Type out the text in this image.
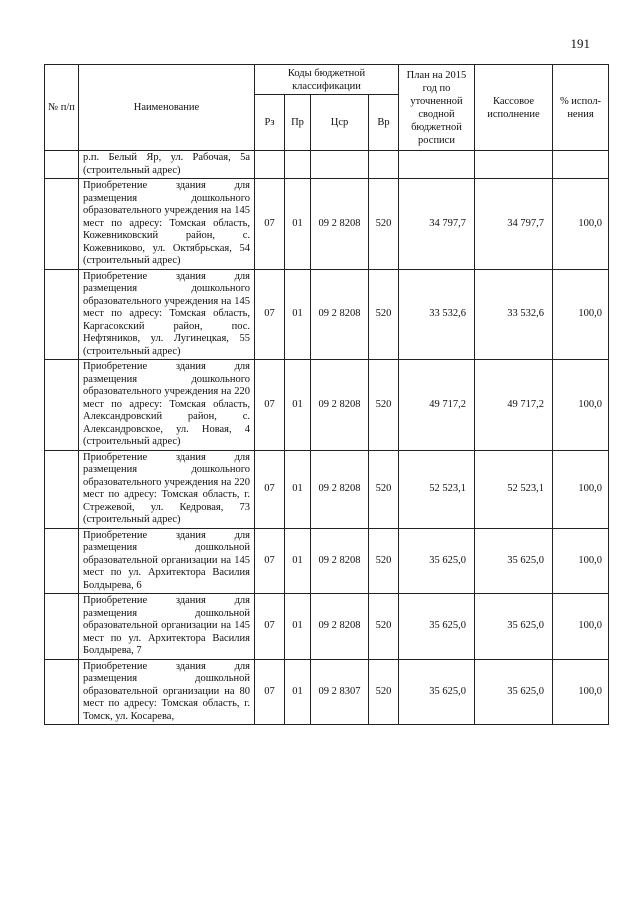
191
№ п/п	Наименование	Коды бюджетной классификации				План на 2015 год по уточненной сводной бюджетной росписи	Кассовое исполнение	% испол-нения
		Рз	Пр	Цср	Вр			
	р.п. Белый Яр, ул. Рабочая, 5а (строительный адрес)							
	Приобретение здания для размещения дошкольного образовательного учреждения на 145 мест по адресу: Томская область, Кожевниковский район, с. Кожевниково, ул. Октябрьская, 54 (строительный адрес)	07	01	09 2 8208	520	34 797,7	34 797,7	100,0
	Приобретение здания для размещения дошкольного образовательного учреждения на 145 мест по адресу: Томская область, Каргасокский район, пос. Нефтяников, ул. Лугинецкая, 55 (строительный адрес)	07	01	09 2 8208	520	33 532,6	33 532,6	100,0
	Приобретение здания для размещения дошкольного образовательного учреждения на 220 мест по адресу: Томская область, Александровский район, с. Александровское, ул. Новая, 4 (строительный адрес)	07	01	09 2 8208	520	49 717,2	49 717,2	100,0
	Приобретение здания для размещения дошкольного образовательного учреждения на 220 мест по адресу: Томская область, г. Стрежевой, ул. Кедровая, 73 (строительный адрес)	07	01	09 2 8208	520	52 523,1	52 523,1	100,0
	Приобретение здания для размещения дошкольной образовательной организации на 145 мест по ул. Архитектора Василия Болдырева, 6	07	01	09 2 8208	520	35 625,0	35 625,0	100,0
	Приобретение здания для размещения дошкольной образовательной организации на 145 мест по ул. Архитектора Василия Болдырева, 7	07	01	09 2 8208	520	35 625,0	35 625,0	100,0
	Приобретение здания для размещения дошкольной образовательной организации на 80 мест по адресу: Томская область, г. Томск, ул. Косарева,	07	01	09 2 8307	520	35 625,0	35 625,0	100,0
